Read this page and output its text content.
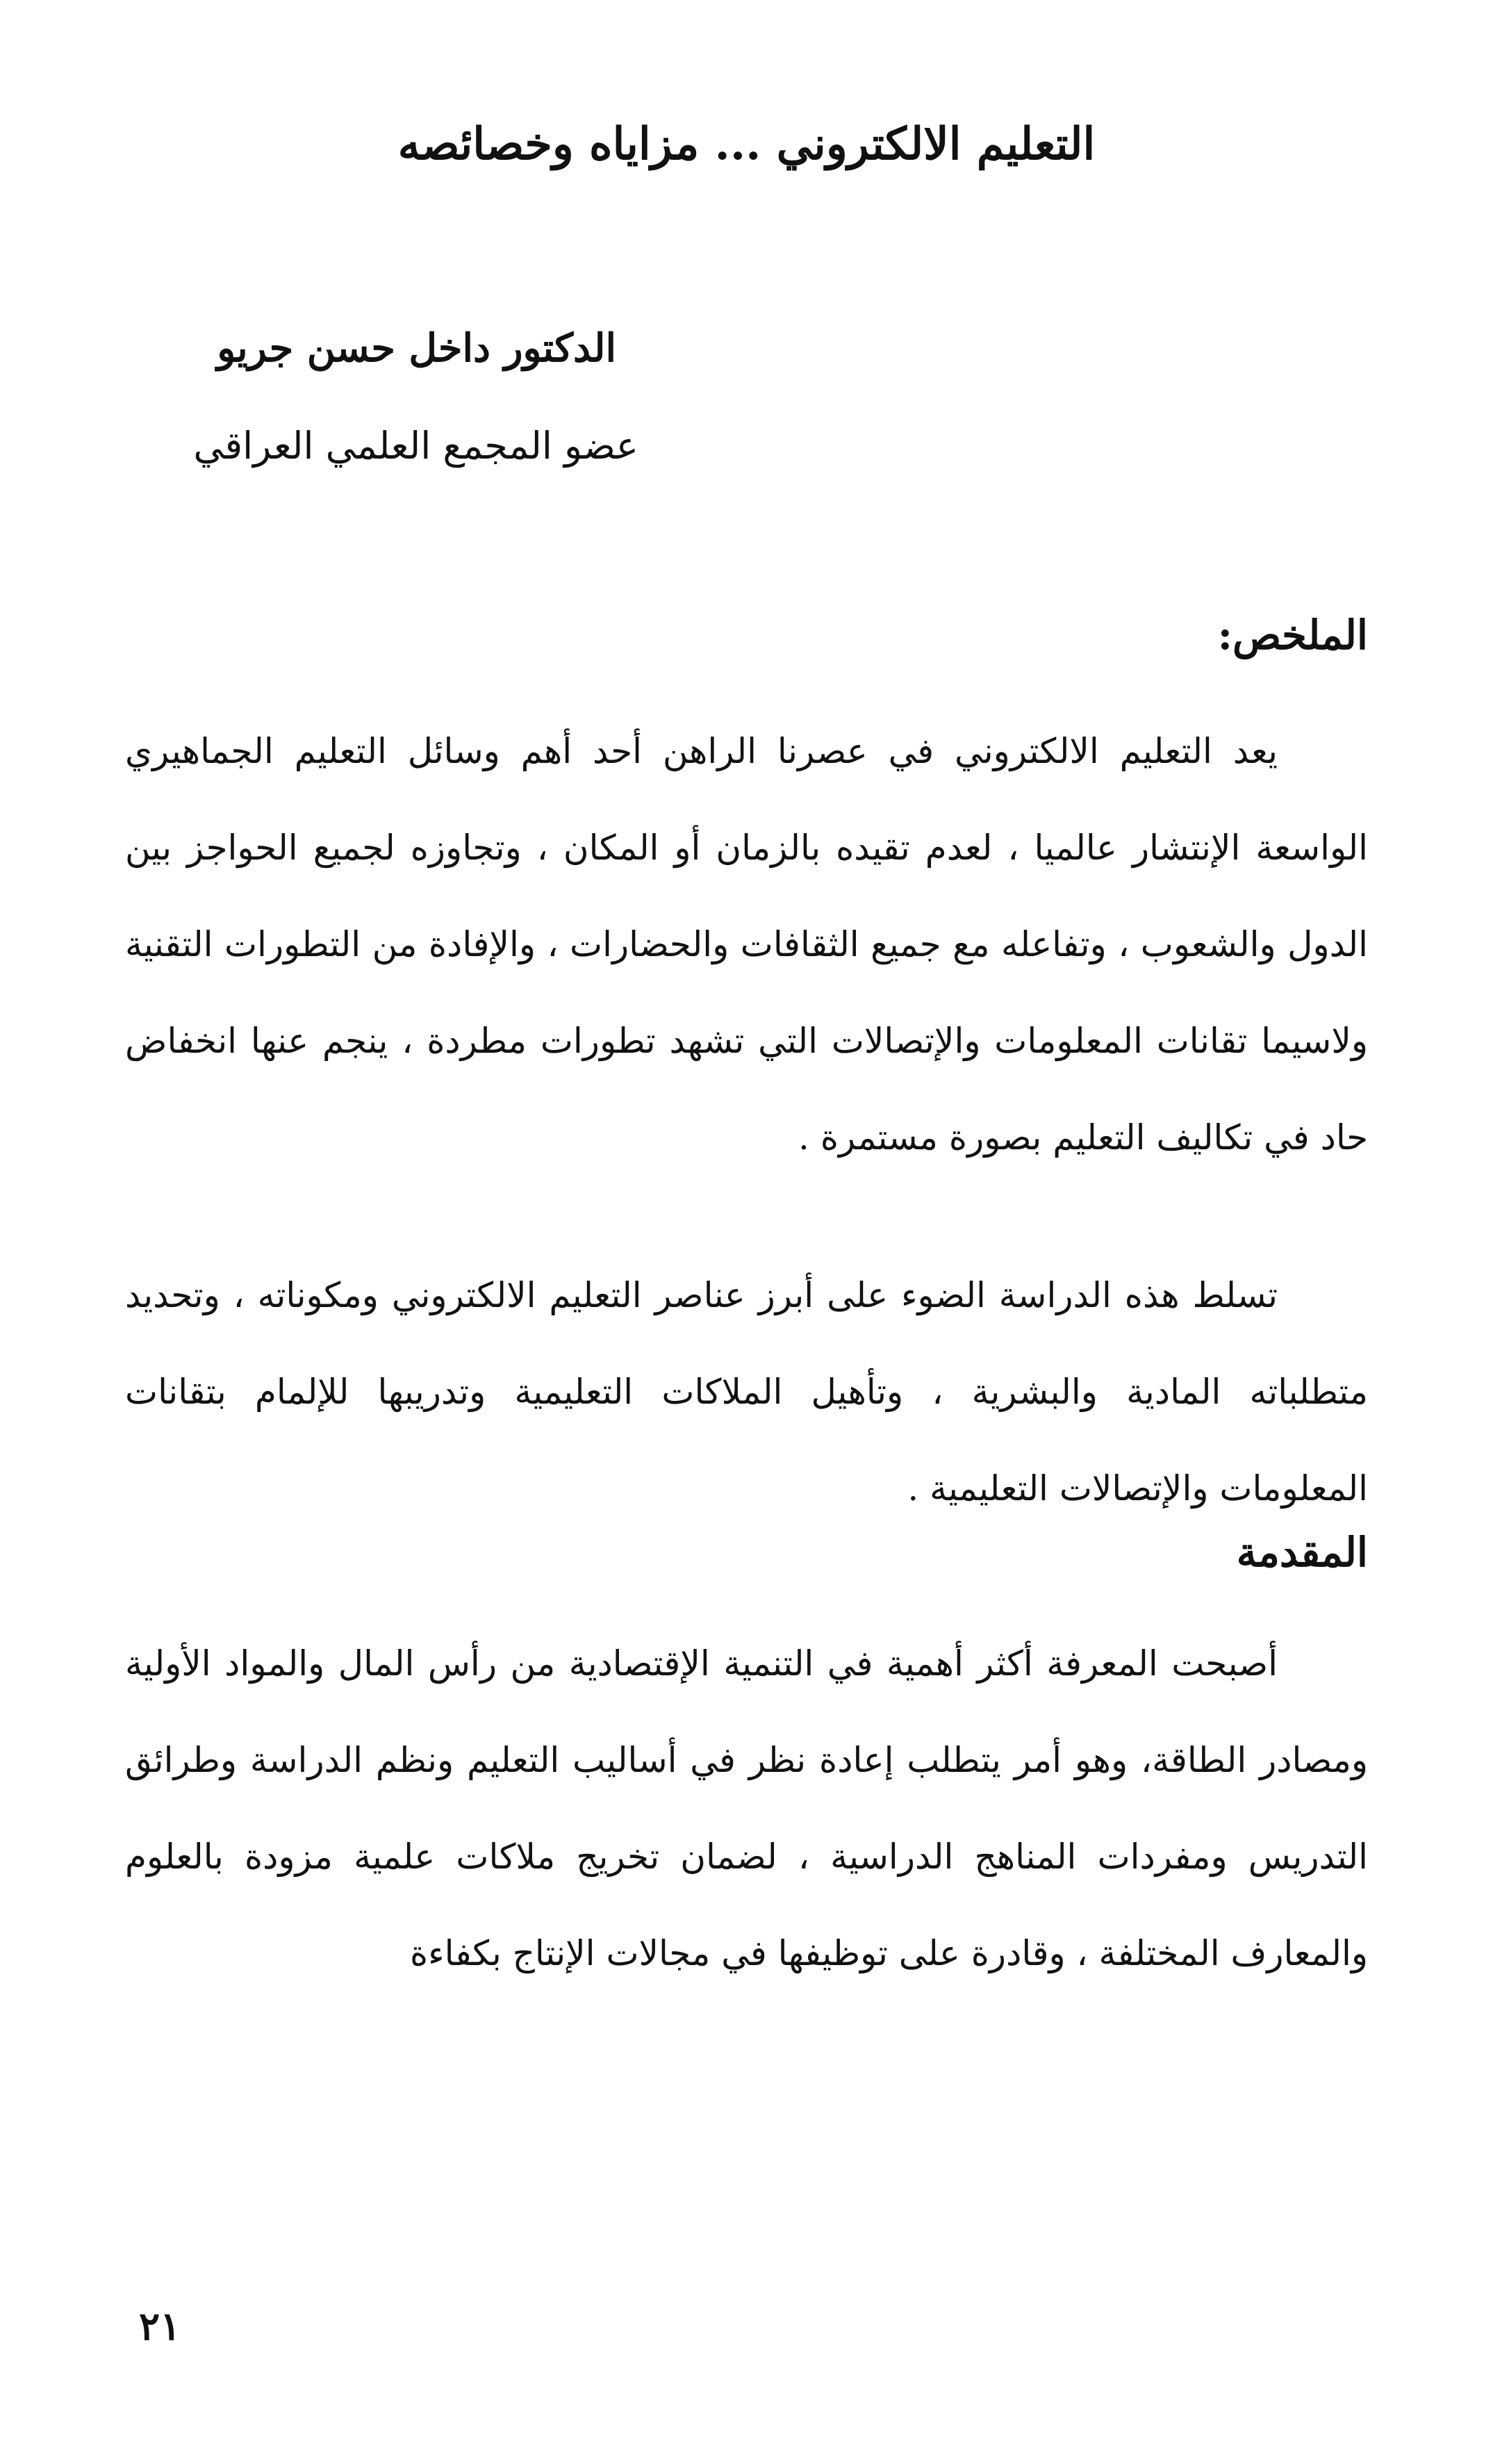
التعليم الالكتروني ... مزاياه وخصائصه

الدكتور داخل حسن جريو

عضو المجمع العلمي العراقي

الملخص:

يعد التعليم الالكتروني في عصرنا الراهن أحد أهم وسائل التعليم الجماهيري الواسعة الإنتشار عالميا ، لعدم تقيده بالزمان أو المكان ، وتجاوزه لجميع الحواجز بين الدول والشعوب ، وتفاعله مع جميع الثقافات والحضارات ، والإفادة من التطورات التقنية ولاسيما تقانات المعلومات والإتصالات التي تشهد تطورات مطردة ، ينجم عنها انخفاض حاد في تكاليف التعليم بصورة مستمرة .

تسلط هذه الدراسة الضوء على أبرز عناصر التعليم الالكتروني ومكوناته ، وتحديد متطلباته المادية والبشرية ، وتأهيل الملاكات التعليمية وتدريبها للإلمام بتقانات المعلومات والإتصالات التعليمية .

المقدمة

أصبحت المعرفة أكثر أهمية في التنمية الإقتصادية من رأس المال والمواد الأولية ومصادر الطاقة، وهو أمر يتطلب إعادة نظر في أساليب التعليم ونظم الدراسة وطرائق التدريس ومفردات المناهج الدراسية ، لضمان تخريج ملاكات علمية مزودة بالعلوم والمعارف المختلفة ، وقادرة على توظيفها في مجالات الإنتاج بكفاءة

٢١
